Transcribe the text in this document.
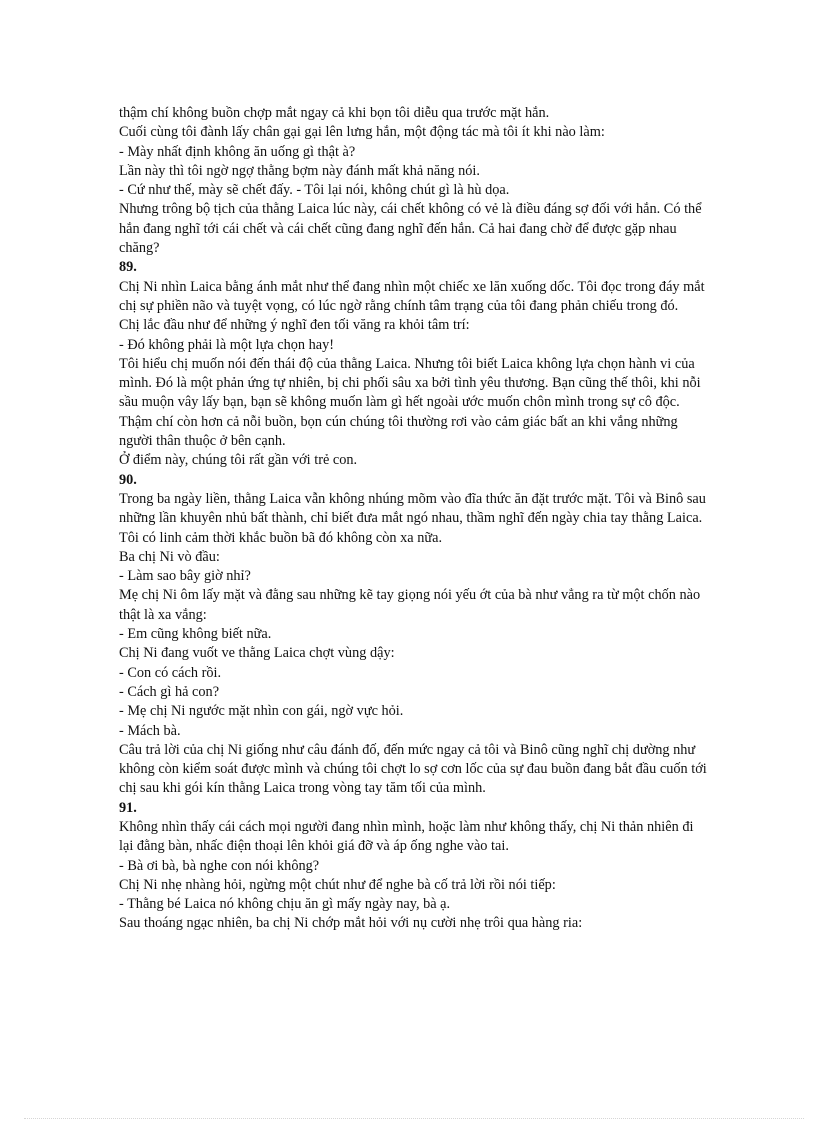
thậm chí không buồn chợp mắt ngay cả khi bọn tôi diễu qua trước mặt hắn.

Cuối cùng tôi đành lấy chân gại gại lên lưng hắn, một động tác mà tôi ít khi nào làm:

- Mày nhất định không ăn uống gì thật à?

Lần này thì tôi ngờ ngợ thằng bợm này đánh mất khả năng nói.

- Cứ như thế, mày sẽ chết đấy. - Tôi lại nói, không chút gì là hù dọa.

Nhưng trông bộ tịch của thằng Laica lúc này, cái chết không có vẻ là điều đáng sợ đối với hắn. Có thể hắn đang nghĩ tới cái chết và cái chết cũng đang nghĩ đến hắn. Cả hai đang chờ để được gặp nhau chăng?

89.

Chị Ni nhìn Laica bằng ánh mắt như thể đang nhìn một chiếc xe lăn xuống dốc. Tôi đọc trong đáy mắt chị sự phiền não và tuyệt vọng, có lúc ngờ rằng chính tâm trạng của tôi đang phản chiếu trong đó.

Chị lắc đầu như để những ý nghĩ đen tối văng ra khỏi tâm trí:

- Đó không phải là một lựa chọn hay!

Tôi hiểu chị muốn nói đến thái độ của thằng Laica. Nhưng tôi biết Laica không lựa chọn hành vi của mình. Đó là một phản ứng tự nhiên, bị chi phối sâu xa bởi tình yêu thương. Bạn cũng thế thôi, khi nỗi sầu muộn vây lấy bạn, bạn sẽ không muốn làm gì hết ngoài ước muốn chôn mình trong sự cô độc.

Thậm chí còn hơn cả nỗi buồn, bọn cún chúng tôi thường rơi vào cảm giác bất an khi vắng những người thân thuộc ở bên cạnh.

Ở điểm này, chúng tôi rất gần với trẻ con.

90.

Trong ba ngày liền, thằng Laica vẫn không nhúng mõm vào đĩa thức ăn đặt trước mặt. Tôi và Binô sau những lần khuyên nhủ bất thành, chỉ biết đưa mắt ngó nhau, thầm nghĩ đến ngày chia tay thằng Laica. Tôi có linh cảm thời khắc buồn bã đó không còn xa nữa.

Ba chị Ni vò đầu:

- Làm sao bây giờ nhỉ?

Mẹ chị Ni ôm lấy mặt và đằng sau những kẽ tay giọng nói yếu ớt của bà như vẳng ra từ một chốn nào thật là xa vắng:

- Em cũng không biết nữa.

Chị Ni đang vuốt ve thằng Laica chợt vùng dậy:

- Con có cách rồi.

- Cách gì hả con?

- Mẹ chị Ni ngước mặt nhìn con gái, ngờ vực hỏi.

- Mách bà.

Câu trả lời của chị Ni giống như câu đánh đố, đến mức ngay cả tôi và Binô cũng nghĩ chị dường như không còn kiểm soát được mình và chúng tôi chợt lo sợ cơn lốc của sự đau buồn đang bắt đầu cuốn tới chị sau khi gói kín thằng Laica trong vòng tay tăm tối của mình.

91.

Không nhìn thấy cái cách mọi người đang nhìn mình, hoặc làm như không thấy, chị Ni thản nhiên đi lại đằng bàn, nhấc điện thoại lên khỏi giá đỡ và áp ống nghe vào tai.

- Bà ơi bà, bà nghe con nói không?

Chị Ni nhẹ nhàng hỏi, ngừng một chút như để nghe bà cố trả lời rồi nói tiếp:

- Thằng bé Laica nó không chịu ăn gì mấy ngày nay, bà ạ.

Sau thoáng ngạc nhiên, ba chị Ni chớp mắt hỏi với nụ cười nhẹ trôi qua hàng ria:
